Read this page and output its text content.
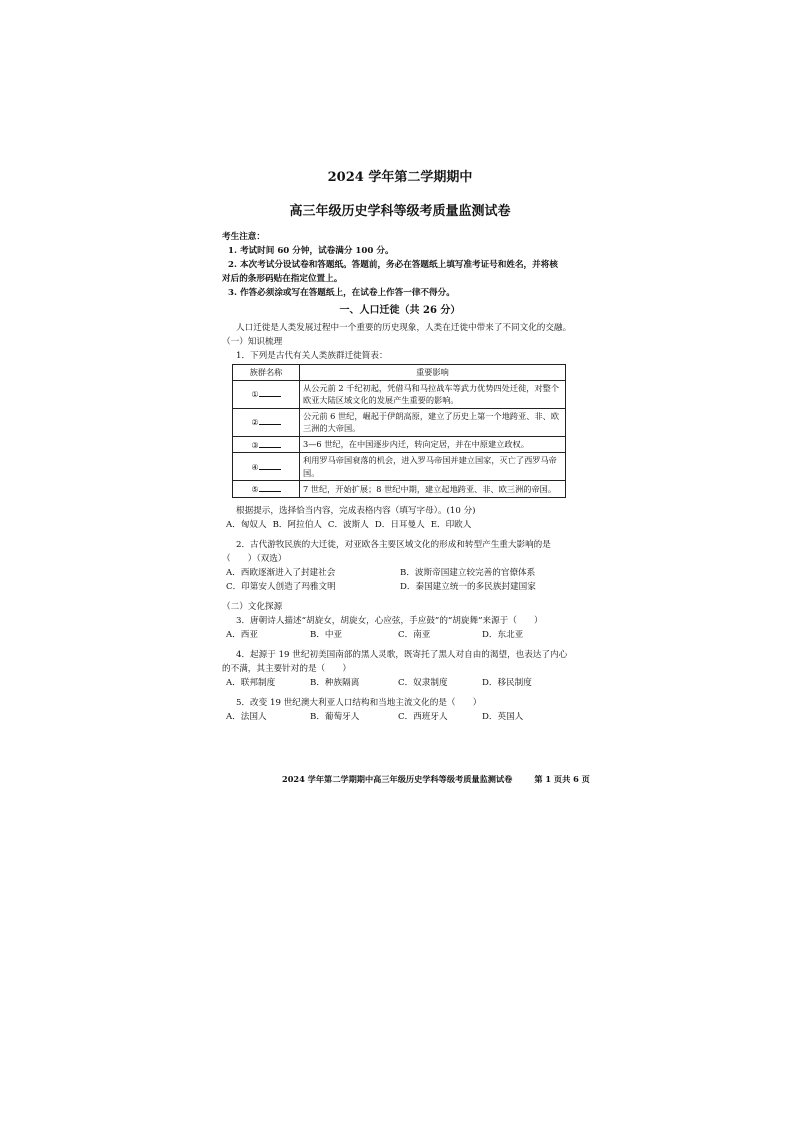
2024 学年第二学期期中
高三年级历史学科等级考质量监测试卷
考生注意：
1. 考试时间 60 分钟，试卷满分 100 分。
2. 本次考试分设试卷和答题纸。答题前，务必在答题纸上填写准考证号和姓名，并将核
对后的条形码贴在指定位置上。
3. 作答必须涂或写在答题纸上，在试卷上作答一律不得分。
一、人口迁徙（共 26 分）
人口迁徙是人类发展过程中一个重要的历史现象，人类在迁徙中带来了不同文化的交融。
（一）知识梳理
1．下列是古代有关人类族群迁徙简表：
族群名称	重要影响
①	从公元前 2 千纪初起，凭借马和马拉战车等武力优势四处迁徙，对整个欧亚大陆区域文化的发展产生重要的影响。
②	公元前 6 世纪，崛起于伊朗高原，建立了历史上第一个地跨亚、非、欧三洲的大帝国。
③	3—6 世纪，在中国逐步内迁，转向定居，并在中原建立政权。
④	利用罗马帝国衰落的机会，进入罗马帝国并建立国家，灭亡了西罗马帝国。
⑤	7 世纪，开始扩展；8 世纪中期，建立起地跨亚、非、欧三洲的帝国。
根据提示，选择恰当内容，完成表格内容（填写字母）。(10 分)
A．匈奴人 B．阿拉伯人 C．波斯人 D．日耳曼人 E．印欧人
2．古代游牧民族的大迁徙，对亚欧各主要区域文化的形成和转型产生重大影响的是
（　　）（双选）
A．西欧逐渐进入了封建社会	B．波斯帝国建立较完善的官僚体系
C．印第安人创造了玛雅文明	D．秦国建立统一的多民族封建国家
（二）文化探源
3．唐朝诗人描述“胡旋女，胡旋女，心应弦，手应鼓”的“胡旋舞”来源于（　　）
A．西亚	B．中亚	C．南亚	D．东北亚
4．起源于 19 世纪初美国南部的黑人灵歌，既寄托了黑人对自由的渴望，也表达了内心
的不满，其主要针对的是（　　）
A．联邦制度	B．种族隔离	C．奴隶制度	D．移民制度
5．改变 19 世纪澳大利亚人口结构和当地主流文化的是（　　）
A．法国人	B．葡萄牙人	C．西班牙人	D．英国人
2024 学年第二学期期中高三年级历史学科等级考质量监测试卷	第 1 页共 6 页
